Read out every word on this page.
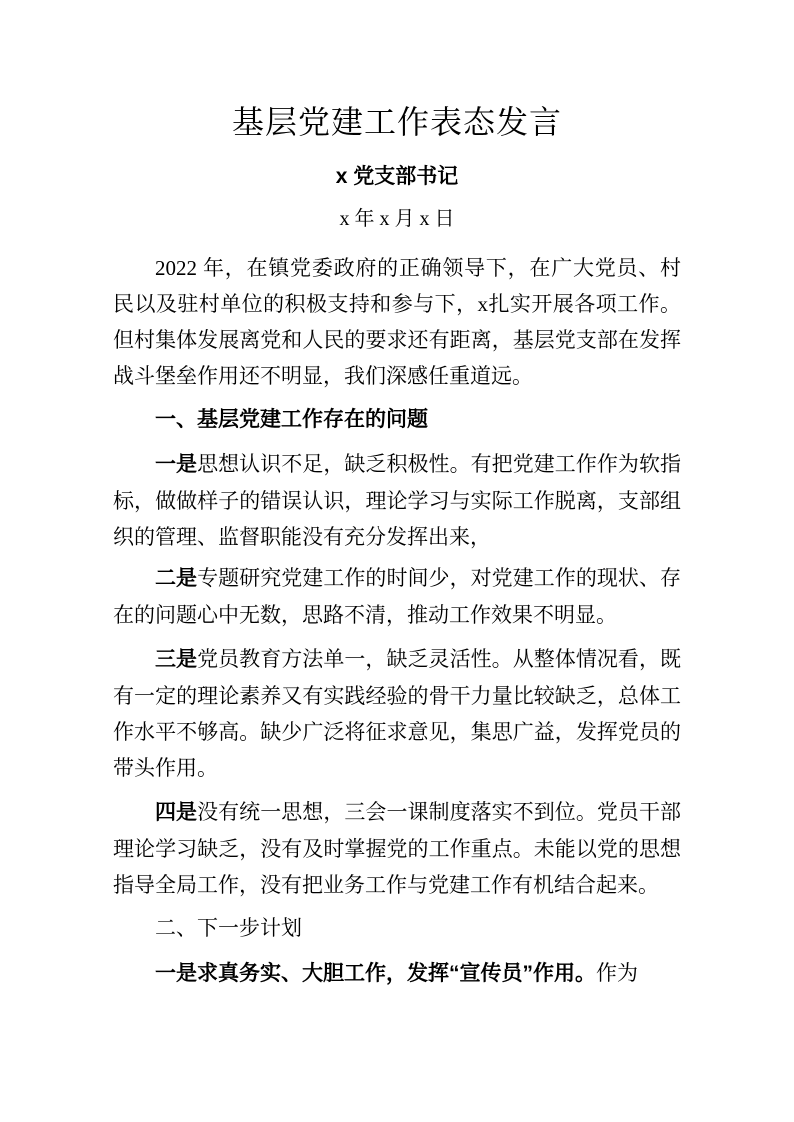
基层党建工作表态发言
x 党支部书记
x 年 x 月 x 日

2022 年，在镇党委政府的正确领导下，在广大党员、村民以及驻村单位的积极支持和参与下，x扎实开展各项工作。但村集体发展离党和人民的要求还有距离，基层党支部在发挥战斗堡垒作用还不明显，我们深感任重道远。

一、基层党建工作存在的问题

一是思想认识不足，缺乏积极性。有把党建工作作为软指标，做做样子的错误认识，理论学习与实际工作脱离，支部组织的管理、监督职能没有充分发挥出来，

二是专题研究党建工作的时间少，对党建工作的现状、存在的问题心中无数，思路不清，推动工作效果不明显。

三是党员教育方法单一，缺乏灵活性。从整体情况看，既有一定的理论素养又有实践经验的骨干力量比较缺乏，总体工作水平不够高。缺少广泛将征求意见，集思广益，发挥党员的带头作用。

四是没有统一思想，三会一课制度落实不到位。党员干部理论学习缺乏，没有及时掌握党的工作重点。未能以党的思想指导全局工作，没有把业务工作与党建工作有机结合起来。

二、下一步计划

一是求真务实、大胆工作，发挥“宣传员”作用。作为
